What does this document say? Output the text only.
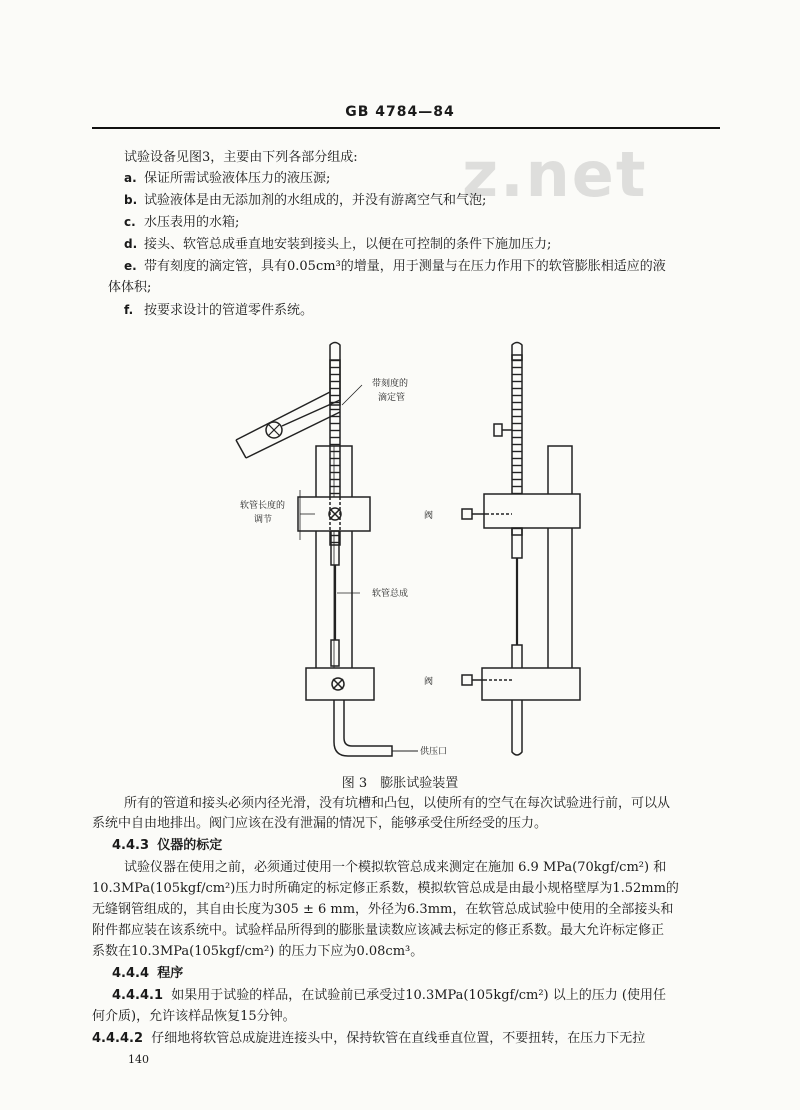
GB 4784—84
z.net
试验设备见图3，主要由下列各部分组成:
a. 保证所需试验液体压力的液压源;
b. 试验液体是由无添加剂的水组成的，并没有游离空气和气泡;
c. 水压表用的水箱;
d. 接头、软管总成垂直地安装到接头上，以便在可控制的条件下施加压力;
e. 带有刻度的滴定管，具有0.05cm³的增量，用于测量与在压力作用下的软管膨胀相适应的液
体体积;
f. 按要求设计的管道零件系统。
带刻度的
滴定管
软管长度的
调节
软管总成
供压口
阀
阀
图 3　膨胀试验装置
所有的管道和接头必须内径光滑，没有坑槽和凸包，以使所有的空气在每次试验进行前，可以从
系统中自由地排出。阀门应该在没有泄漏的情况下，能够承受住所经受的压力。
4.4.3 仪器的标定
试验仪器在使用之前，必须通过使用一个模拟软管总成来测定在施加 6.9 MPa(70kgf/cm²) 和
10.3MPa(105kgf/cm²)压力时所确定的标定修正系数，模拟软管总成是由最小规格壁厚为1.52mm的
无缝钢管组成的，其自由长度为305 ± 6 mm，外径为6.3mm，在软管总成试验中使用的全部接头和
附件都应装在该系统中。试验样品所得到的膨胀量读数应该减去标定的修正系数。最大允许标定修正
系数在10.3MPa(105kgf/cm²) 的压力下应为0.08cm³。
4.4.4 程序
4.4.4.1 如果用于试验的样品，在试验前已承受过10.3MPa(105kgf/cm²) 以上的压力 (使用任
何介质)，允许该样品恢复15分钟。
4.4.4.2 仔细地将软管总成旋进连接头中，保持软管在直线垂直位置，不要扭转，在压力下无拉
140
